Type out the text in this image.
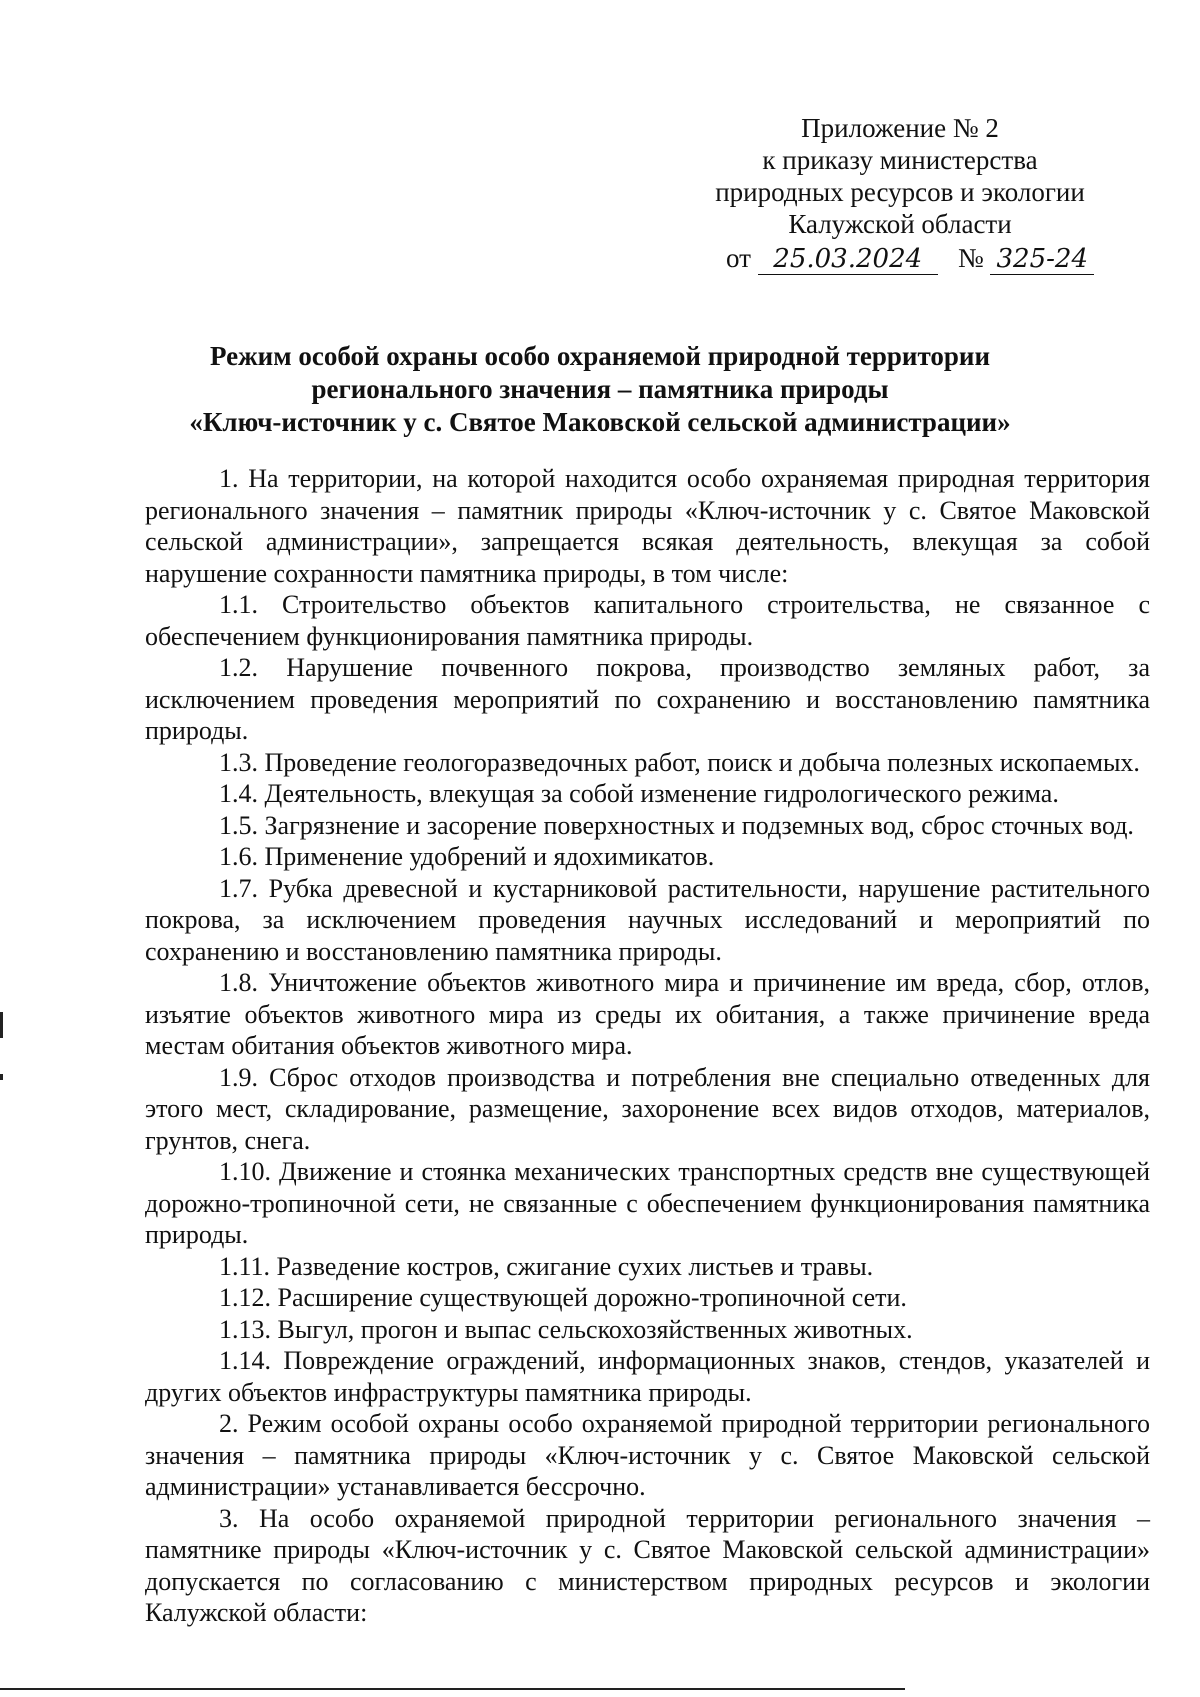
Приложение № 2
к приказу министерства
природных ресурсов и экологии
Калужской области
от 25.03.2024 № 325-24
Режим особой охраны особо охраняемой природной территории
регионального значения – памятника природы
«Ключ-источник у с. Святое Маковской сельской администрации»

1. На территории, на которой находится особо охраняемая природная территория регионального значения – памятник природы «Ключ-источник у с. Святое Маковской сельской администрации», запрещается всякая деятельность, влекущая за собой нарушение сохранности памятника природы, в том числе:

1.1. Строительство объектов капитального строительства, не связанное с обеспечением функционирования памятника природы.

1.2. Нарушение почвенного покрова, производство земляных работ, за исключением проведения мероприятий по сохранению и восстановлению памятника природы.

1.3. Проведение геологоразведочных работ, поиск и добыча полезных ископаемых.

1.4. Деятельность, влекущая за собой изменение гидрологического режима.

1.5. Загрязнение и засорение поверхностных и подземных вод, сброс сточных вод.

1.6. Применение удобрений и ядохимикатов.

1.7. Рубка древесной и кустарниковой растительности, нарушение растительного покрова, за исключением проведения научных исследований и мероприятий по сохранению и восстановлению памятника природы.

1.8. Уничтожение объектов животного мира и причинение им вреда, сбор, отлов, изъятие объектов животного мира из среды их обитания, а также причинение вреда местам обитания объектов животного мира.

1.9. Сброс отходов производства и потребления вне специально отведенных для этого мест, складирование, размещение, захоронение всех видов отходов, материалов, грунтов, снега.

1.10. Движение и стоянка механических транспортных средств вне существующей дорожно-тропиночной сети, не связанные с обеспечением функционирования памятника природы.

1.11. Разведение костров, сжигание сухих листьев и травы.

1.12. Расширение существующей дорожно-тропиночной сети.

1.13. Выгул, прогон и выпас сельскохозяйственных животных.

1.14. Повреждение ограждений, информационных знаков, стендов, указателей и других объектов инфраструктуры памятника природы.

2. Режим особой охраны особо охраняемой природной территории регионального значения – памятника природы «Ключ-источник у с. Святое Маковской сельской администрации» устанавливается бессрочно.

3. На особо охраняемой природной территории регионального значения – памятнике природы «Ключ-источник у с. Святое Маковской сельской администрации» допускается по согласованию с министерством природных ресурсов и экологии Калужской области:
